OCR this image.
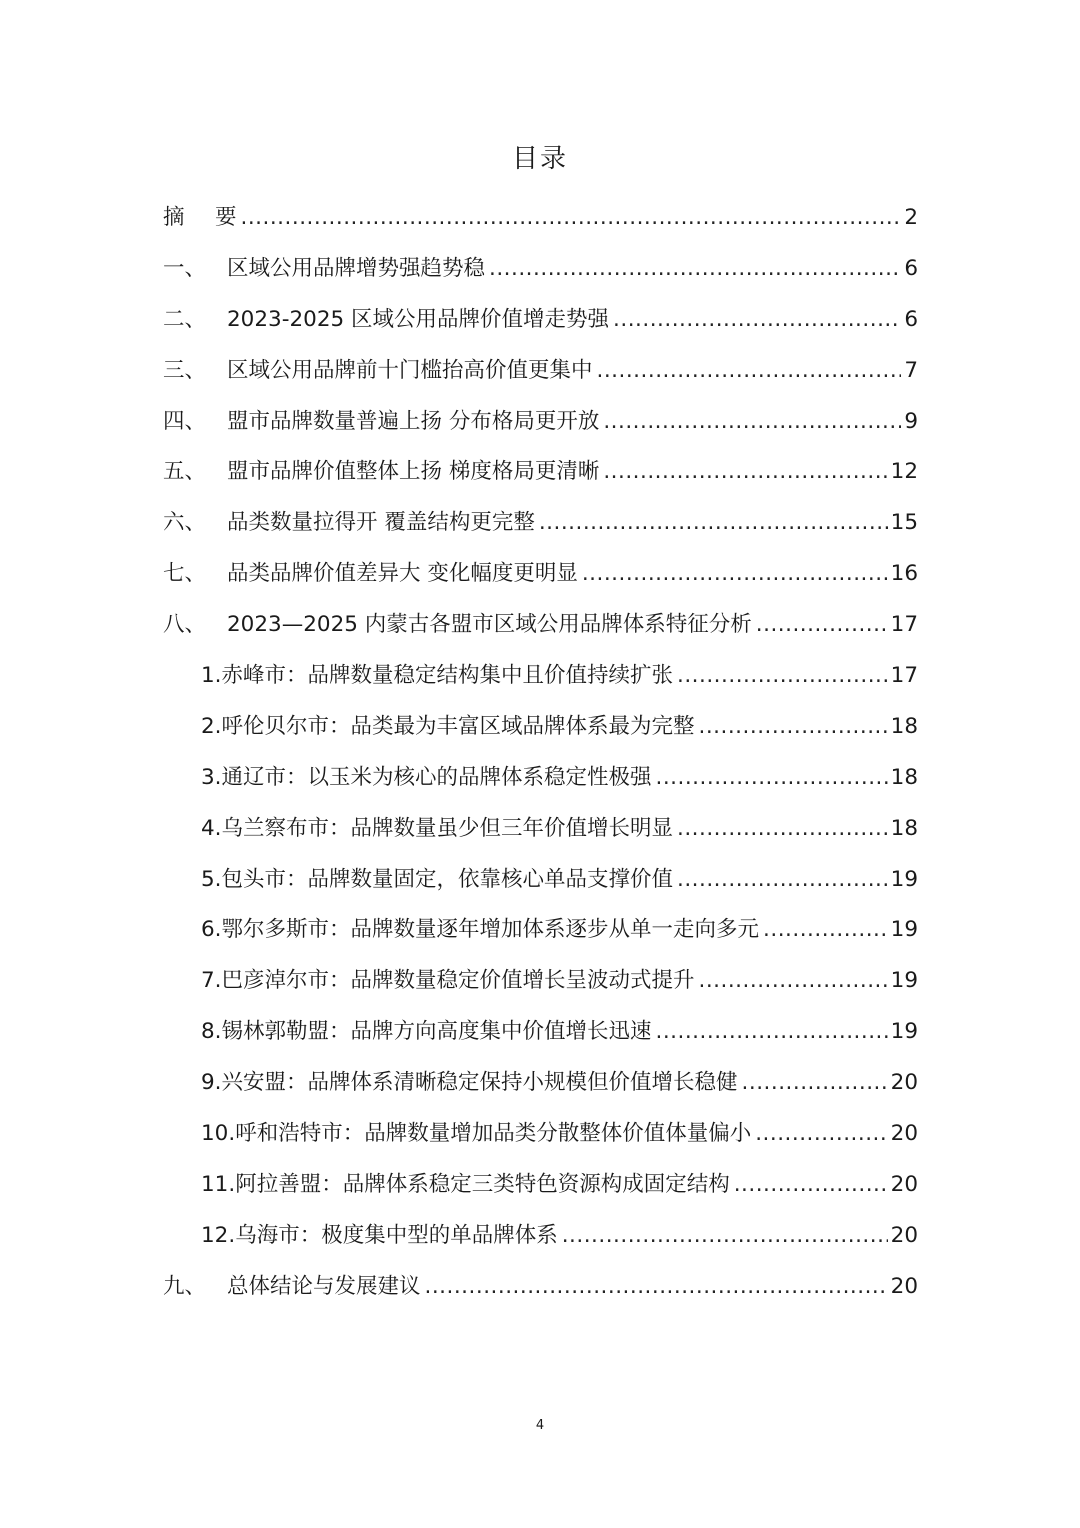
目录
摘	要 .....	2
一、 区域公用品牌增势强趋势稳 .....	6
二、 2023-2025 区域公用品牌价值增走势强 .....	6
三、 区域公用品牌前十门槛抬高价值更集中 .....	7
四、 盟市品牌数量普遍上扬 分布格局更开放 .....	9
五、 盟市品牌价值整体上扬 梯度格局更清晰 .....	12
六、 品类数量拉得开 覆盖结构更完整 .....	15
七、 品类品牌价值差异大 变化幅度更明显 .....	16
八、 2023—2025 内蒙古各盟市区域公用品牌体系特征分析 .....	17
1.赤峰市：品牌数量稳定结构集中且价值持续扩张 .....	17
2.呼伦贝尔市：品类最为丰富区域品牌体系最为完整 .....	18
3.通辽市：以玉米为核心的品牌体系稳定性极强 .....	18
4.乌兰察布市：品牌数量虽少但三年价值增长明显 .....	18
5.包头市：品牌数量固定，依靠核心单品支撑价值 .....	19
6.鄂尔多斯市：品牌数量逐年增加体系逐步从单一走向多元 .....	19
7.巴彦淖尔市：品牌数量稳定价值增长呈波动式提升 .....	19
8.锡林郭勒盟：品牌方向高度集中价值增长迅速 .....	19
9.兴安盟：品牌体系清晰稳定保持小规模但价值增长稳健 .....	20
10.呼和浩特市：品牌数量增加品类分散整体价值体量偏小 .....	20
11.阿拉善盟：品牌体系稳定三类特色资源构成固定结构 .....	20
12.乌海市：极度集中型的单品牌体系 .....	20
九、 总体结论与发展建议 .....	20
4
